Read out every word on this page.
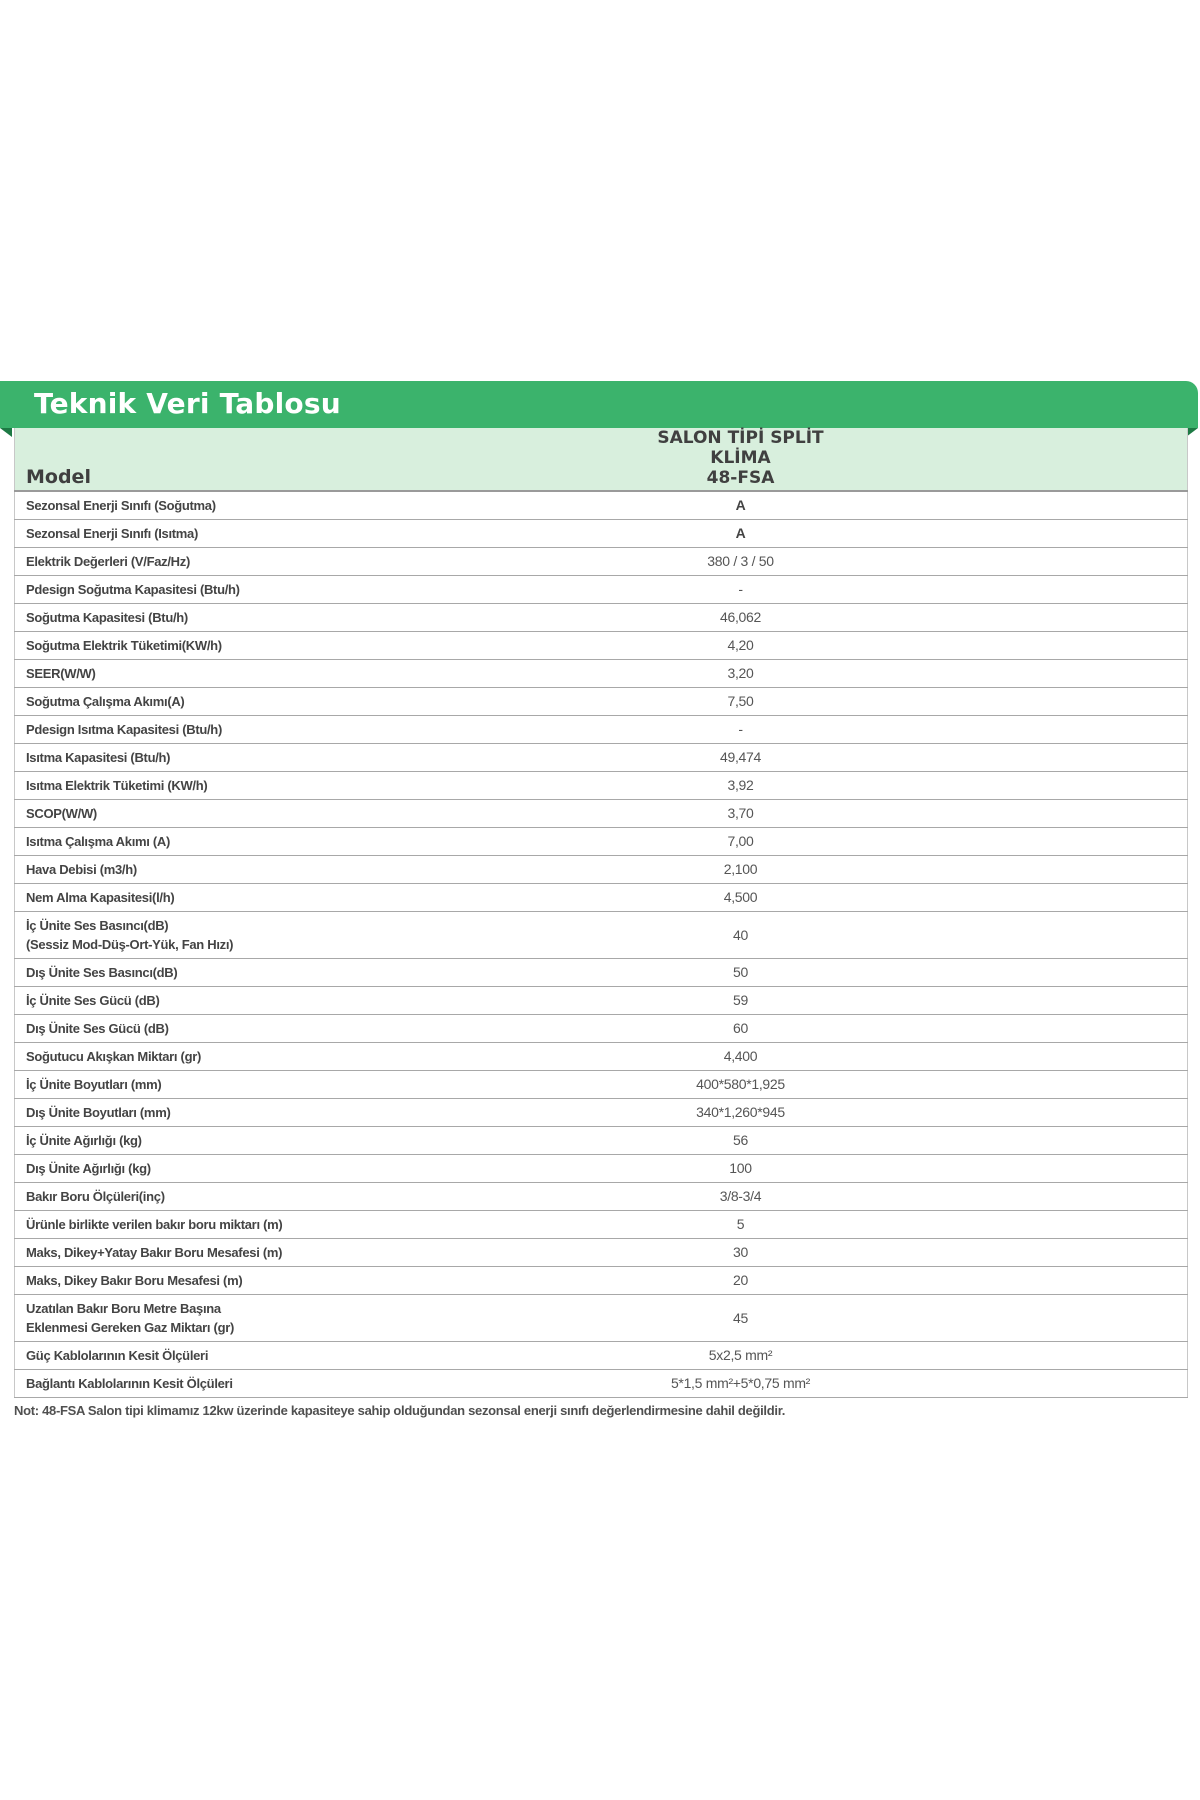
Teknik Veri Tablosu
Model	SALON TİPİ SPLİT KLİMA
48-FSA

Sezonsal Enerji Sınıfı (Soğutma)	A

Sezonsal Enerji Sınıfı (Isıtma)	A

Elektrik Değerleri (V/Faz/Hz)	380 / 3 / 50

Pdesign Soğutma Kapasitesi (Btu/h)	-

Soğutma Kapasitesi (Btu/h)	46,062

Soğutma Elektrik Tüketimi(KW/h)	4,20

SEER(W/W)	3,20

Soğutma Çalışma Akımı(A)	7,50

Pdesign Isıtma Kapasitesi (Btu/h)	-

Isıtma Kapasitesi (Btu/h)	49,474

Isıtma Elektrik Tüketimi (KW/h)	3,92

SCOP(W/W)	3,70

Isıtma Çalışma Akımı (A)	7,00

Hava Debisi (m3/h)	2,100

Nem Alma Kapasitesi(l/h)	4,500

İç Ünite Ses Basıncı(dB)
(Sessiz Mod-Düş-Ort-Yük, Fan Hızı)	40

Dış Ünite Ses Basıncı(dB)	50

İç Ünite Ses Gücü (dB)	59

Dış Ünite Ses Gücü (dB)	60

Soğutucu Akışkan Miktarı (gr)	4,400

İç Ünite Boyutları (mm)	400*580*1,925

Dış Ünite Boyutları (mm)	340*1,260*945

İç Ünite Ağırlığı (kg)	56

Dış Ünite Ağırlığı (kg)	100

Bakır Boru Ölçüleri(inç)	3/8-3/4

Ürünle birlikte verilen bakır boru miktarı (m)	5

Maks, Dikey+Yatay Bakır Boru Mesafesi (m)	30

Maks, Dikey Bakır Boru Mesafesi (m)	20

Uzatılan Bakır Boru Metre Başına
Eklenmesi Gereken Gaz Miktarı (gr)	45

Güç Kablolarının Kesit Ölçüleri	5x2,5 mm²

Bağlantı Kablolarının Kesit Ölçüleri	5*1,5 mm²+5*0,75 mm²
Not: 48-FSA Salon tipi klimamız 12kw üzerinde kapasiteye sahip olduğundan sezonsal enerji sınıfı değerlendirmesine dahil değildir.
